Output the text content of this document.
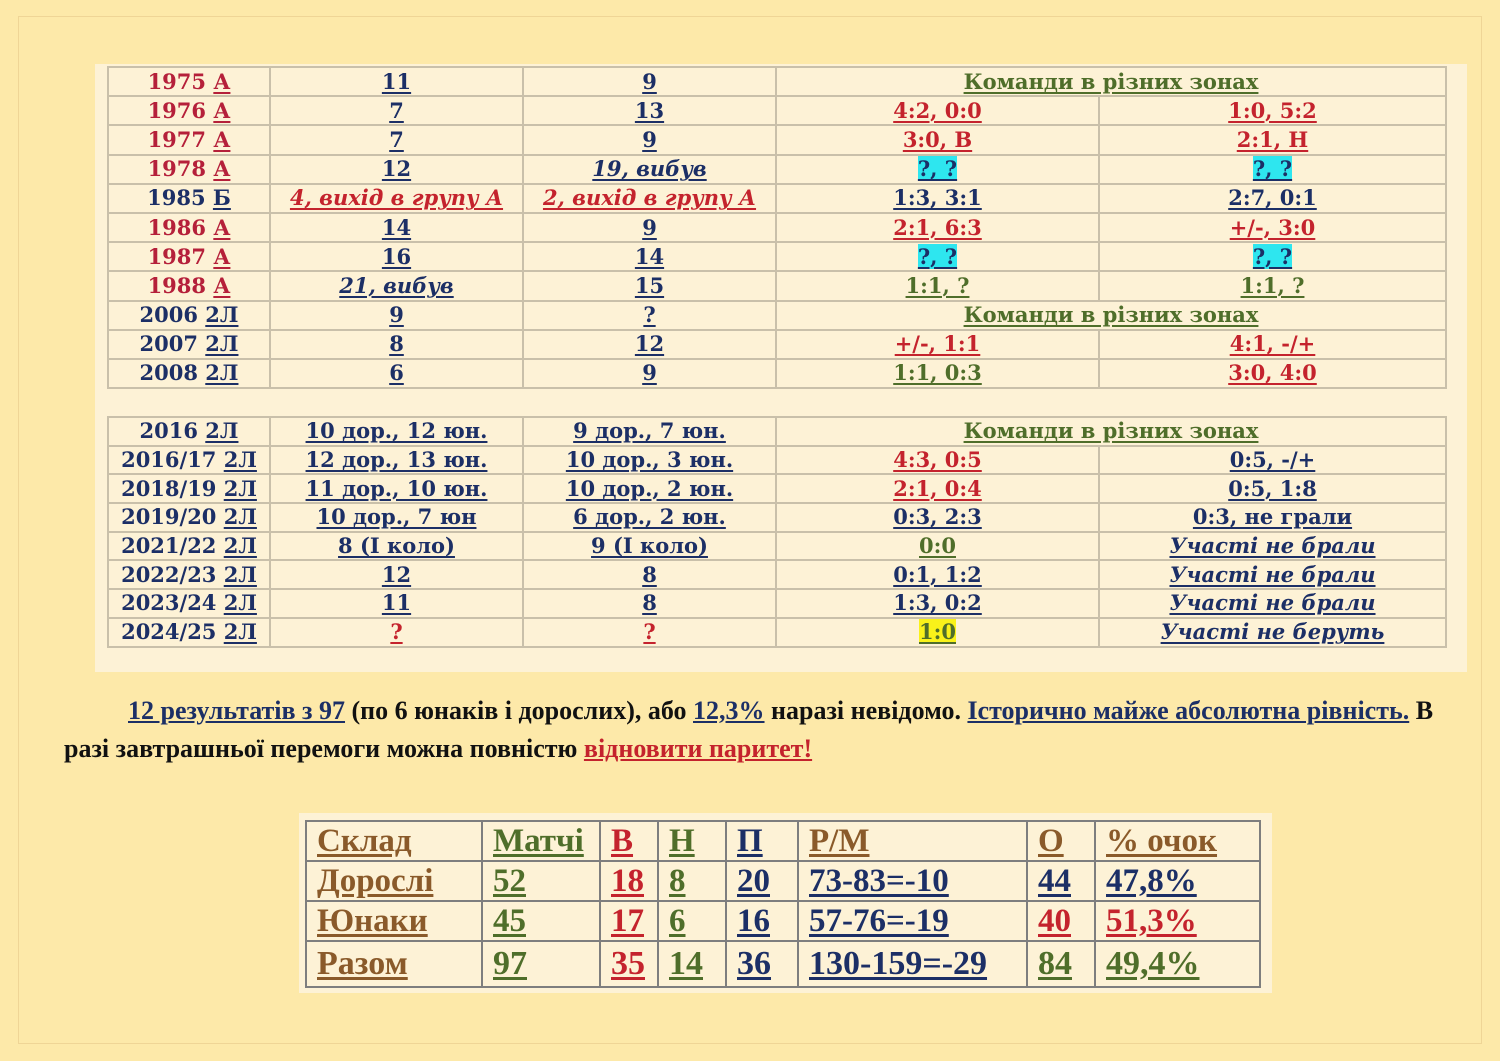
1975 А	11	9	Команди в різних зонах	
1976 А	7	13	4:2, 0:0	1:0, 5:2
1977 А	7	9	3:0, В	2:1, Н
1978 А	12	19, вибув	?, ?	?, ?
1985 Б	4, вихід в групу А	2, вихід в групу А	1:3, 3:1	2:7, 0:1
1986 А	14	9	2:1, 6:3	+/-, 3:0
1987 А	16	14	?, ?	?, ?
1988 А	21, вибув	15	1:1, ?	1:1, ?
2006 2Л	9	?	Команди в різних зонах	
2007 2Л	8	12	+/-, 1:1	4:1, -/+
2008 2Л	6	9	1:1, 0:3	3:0, 4:0
2016 2Л	10 дор., 12 юн.	9 дор., 7 юн.	Команди в різних зонах	
2016/17 2Л	12 дор., 13 юн.	10 дор., 3 юн.	4:3, 0:5	0:5, -/+
2018/19 2Л	11 дор., 10 юн.	10 дор., 2 юн.	2:1, 0:4	0:5, 1:8
2019/20 2Л	10 дор., 7 юн	6 дор., 2 юн.	0:3, 2:3	0:3, не грали
2021/22 2Л	8 (І коло)	9 (І коло)	0:0	Участі не брали
2022/23 2Л	12	8	0:1, 1:2	Участі не брали
2023/24 2Л	11	8	1:3, 0:2	Участі не брали
2024/25 2Л	?	?	1:0	Участі не беруть
12 результатів з 97 (по 6 юнаків і дорослих), або 12,3% наразі невідомо. Історично майже абсолютна рівність. В разі завтрашньої перемоги можна повністю відновити паритет!
Склад	Матчі	В	Н	П	Р/М	О	% очок
Дорослі	52	18	8	20	73-83=-10	44	47,8%
Юнаки	45	17	6	16	57-76=-19	40	51,3%
Разом	97	35	14	36	130-159=-29	84	49,4%
